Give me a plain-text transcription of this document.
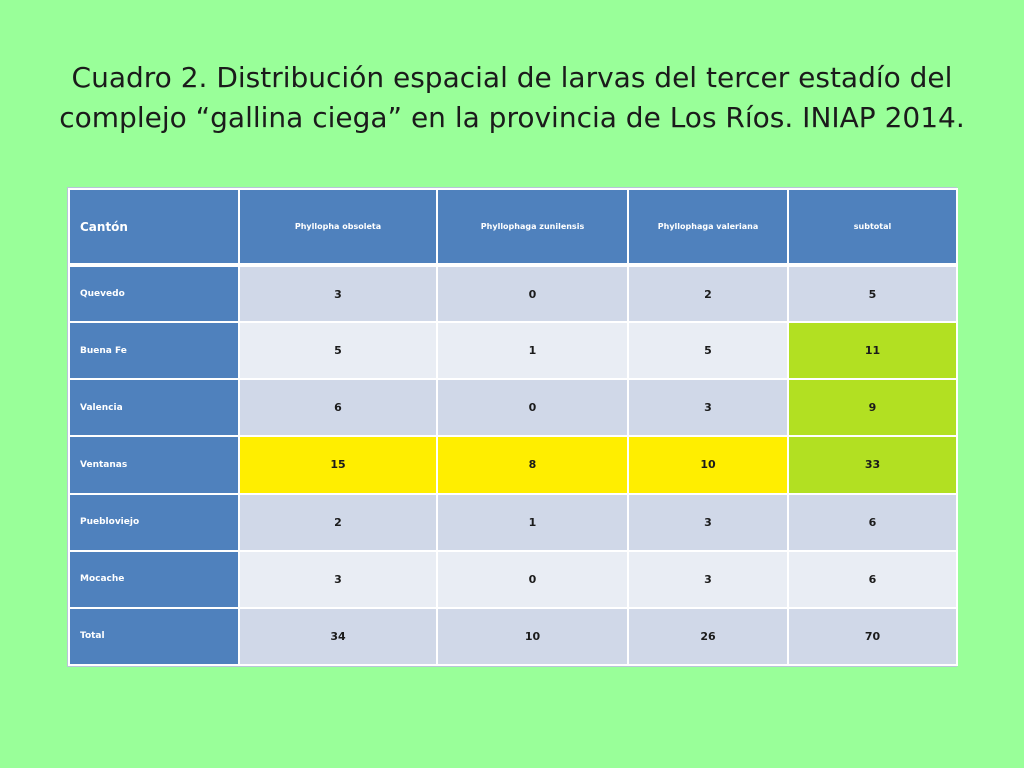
Cuadro 2. Distribución espacial de larvas del tercer estadío del
complejo “gallina ciega” en la provincia de Los Ríos. INIAP 2014.
Cantón	Phyllopha obsoleta	Phyllophaga zunilensis	Phyllophaga valeriana	subtotal
Quevedo	3	0	2	5
Buena Fe	5	1	5	11
Valencia	6	0	3	9
Ventanas	15	8	10	33
Puebloviejo	2	1	3	6
Mocache	3	0	3	6
Total	34	10	26	70
